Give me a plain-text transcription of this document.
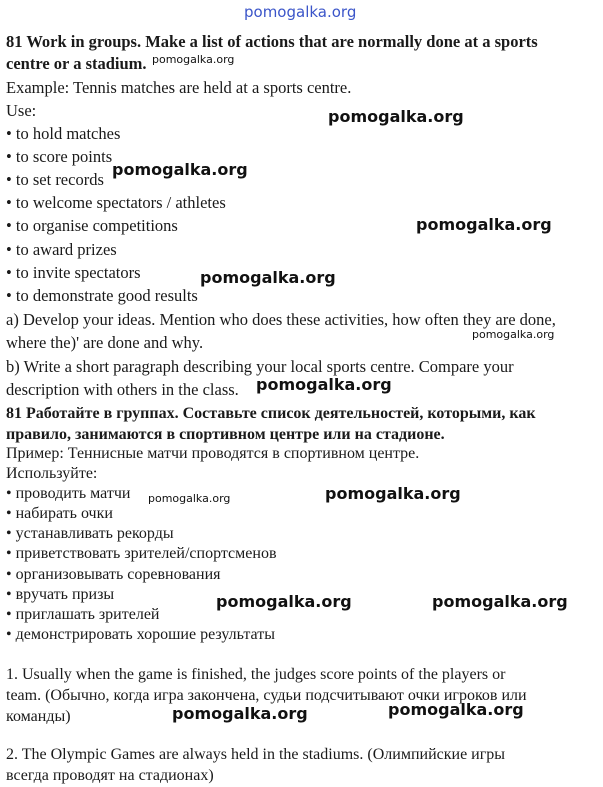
pomogalka.org
pomogalka.org
pomogalka.org
pomogalka.org
pomogalka.org
pomogalka.org
pomogalka.org
pomogalka.org
pomogalka.org	pomogalka.org
pomogalka.org	pomogalka.org
pomogalka.org	pomogalka.org
81 Work in groups. Make a list of actions that are normally done at a sports
centre or a stadium.
Example: Tennis matches are held at a sports centre.
Use:
• to hold matches
• to score points
• to set records
• to welcome spectators / athletes
• to organise competitions
• to award prizes
• to invite spectators
• to demonstrate good results
a) Develop your ideas. Mention who does these activities, how often they are done,
where the)' are done and why.
b) Write a short paragraph describing your local sports centre. Compare your
description with others in the class.
81 Работайте в группах. Составьте список деятельностей, которыми, как
правило, занимаются в спортивном центре или на стадионе.
Пример: Теннисные матчи проводятся в спортивном центре.
Используйте:
• проводить матчи
• набирать очки
• устанавливать рекорды
• приветствовать зрителей/спортсменов
• организовывать соревнования
• вручать призы
• приглашать зрителей
• демонстрировать хорошие результаты
1. Usually when the game is finished, the judges score points of the players or
team. (Обычно, когда игра закончена, судьи подсчитывают очки игроков или
команды)
2. The Olympic Games are always held in the stadiums. (Олимпийские игры
всегда проводят на стадионах)
